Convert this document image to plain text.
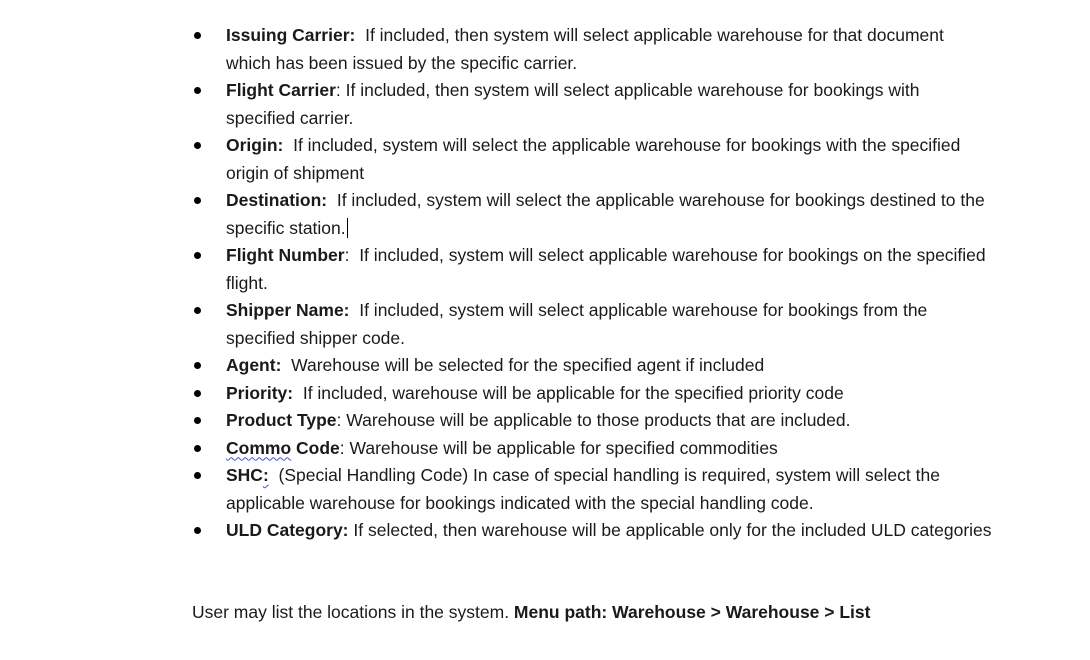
Issuing Carrier:  If included, then system will select applicable warehouse for that document which has been issued by the specific carrier.
Flight Carrier: If included, then system will select applicable warehouse for bookings with specified carrier.
Origin:  If included, system will select the applicable warehouse for bookings with the specified origin of shipment
Destination:  If included, system will select the applicable warehouse for bookings destined to the specific station.
Flight Number:  If included, system will select applicable warehouse for bookings on the specified flight.
Shipper Name:  If included, system will select applicable warehouse for bookings from the specified shipper code.
Agent:  Warehouse will be selected for the specified agent if included
Priority:  If included, warehouse will be applicable for the specified priority code
Product Type: Warehouse will be applicable to those products that are included.
Commo Code: Warehouse will be applicable for specified commodities
SHC:  (Special Handling Code) In case of special handling is required, system will select the applicable warehouse for bookings indicated with the special handling code.
ULD Category: If selected, then warehouse will be applicable only for the included ULD categories
User may list the locations in the system. Menu path: Warehouse > Warehouse > List
